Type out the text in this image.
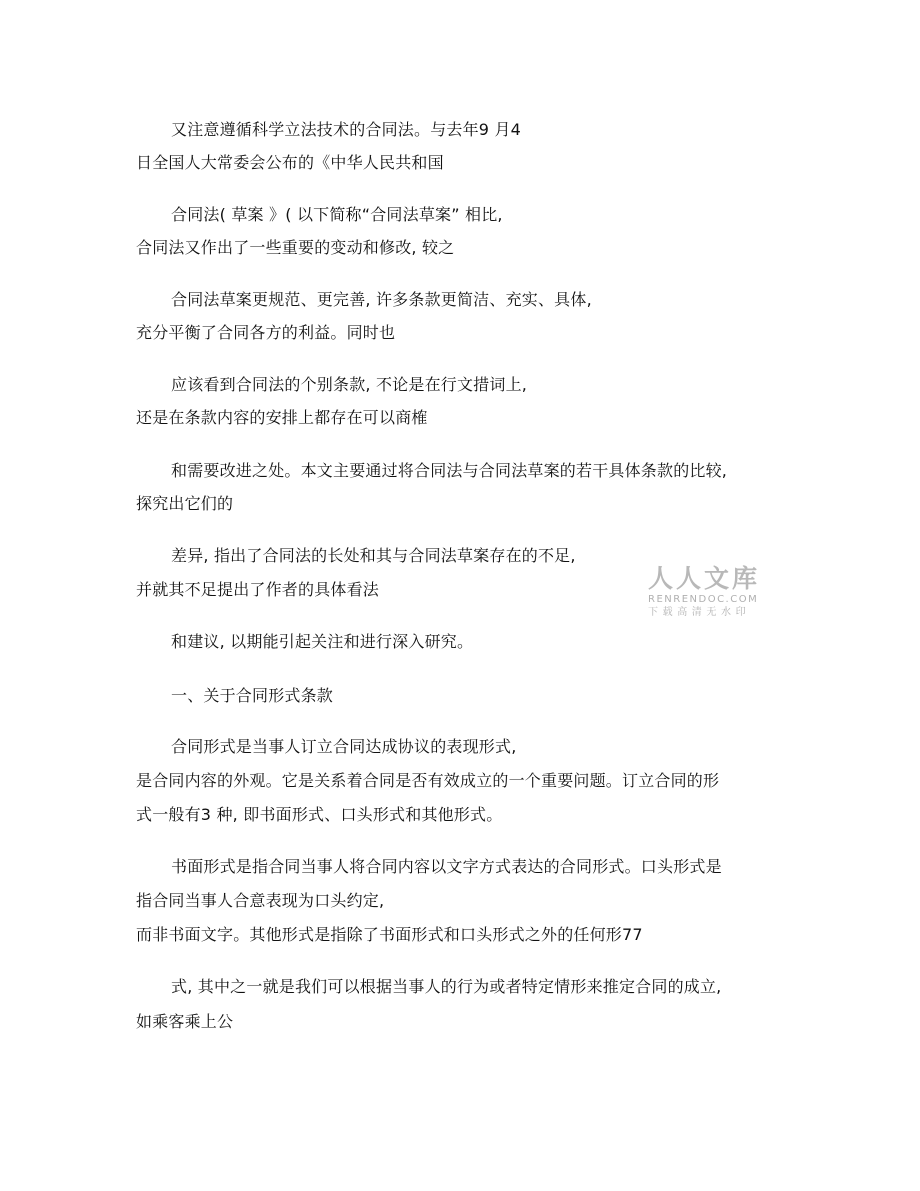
又注意遵循科学立法技术的合同法。与去年9 月4
日全国人大常委会公布的《中华人民共和国
合同法( 草案 》( 以下简称“合同法草案” 相比,
合同法又作出了一些重要的变动和修改, 较之
合同法草案更规范、更完善, 许多条款更简洁、充实、具体,
充分平衡了合同各方的利益。同时也
应该看到合同法的个别条款, 不论是在行文措词上,
还是在条款内容的安排上都存在可以商榷
和需要改进之处。本文主要通过将合同法与合同法草案的若干具体条款的比较,
探究出它们的
差异, 指出了合同法的长处和其与合同法草案存在的不足,
并就其不足提出了作者的具体看法
和建议, 以期能引起关注和进行深入研究。
一、关于合同形式条款
合同形式是当事人订立合同达成协议的表现形式,
是合同内容的外观。它是关系着合同是否有效成立的一个重要问题。订立合同的形
式一般有3 种, 即书面形式、口头形式和其他形式。
书面形式是指合同当事人将合同内容以文字方式表达的合同形式。口头形式是
指合同当事人合意表现为口头约定,
而非书面文字。其他形式是指除了书面形式和口头形式之外的任何形77
式, 其中之一就是我们可以根据当事人的行为或者特定情形来推定合同的成立,
如乘客乘上公
人人文库
RENRENDOC.COM
下载高清无水印
